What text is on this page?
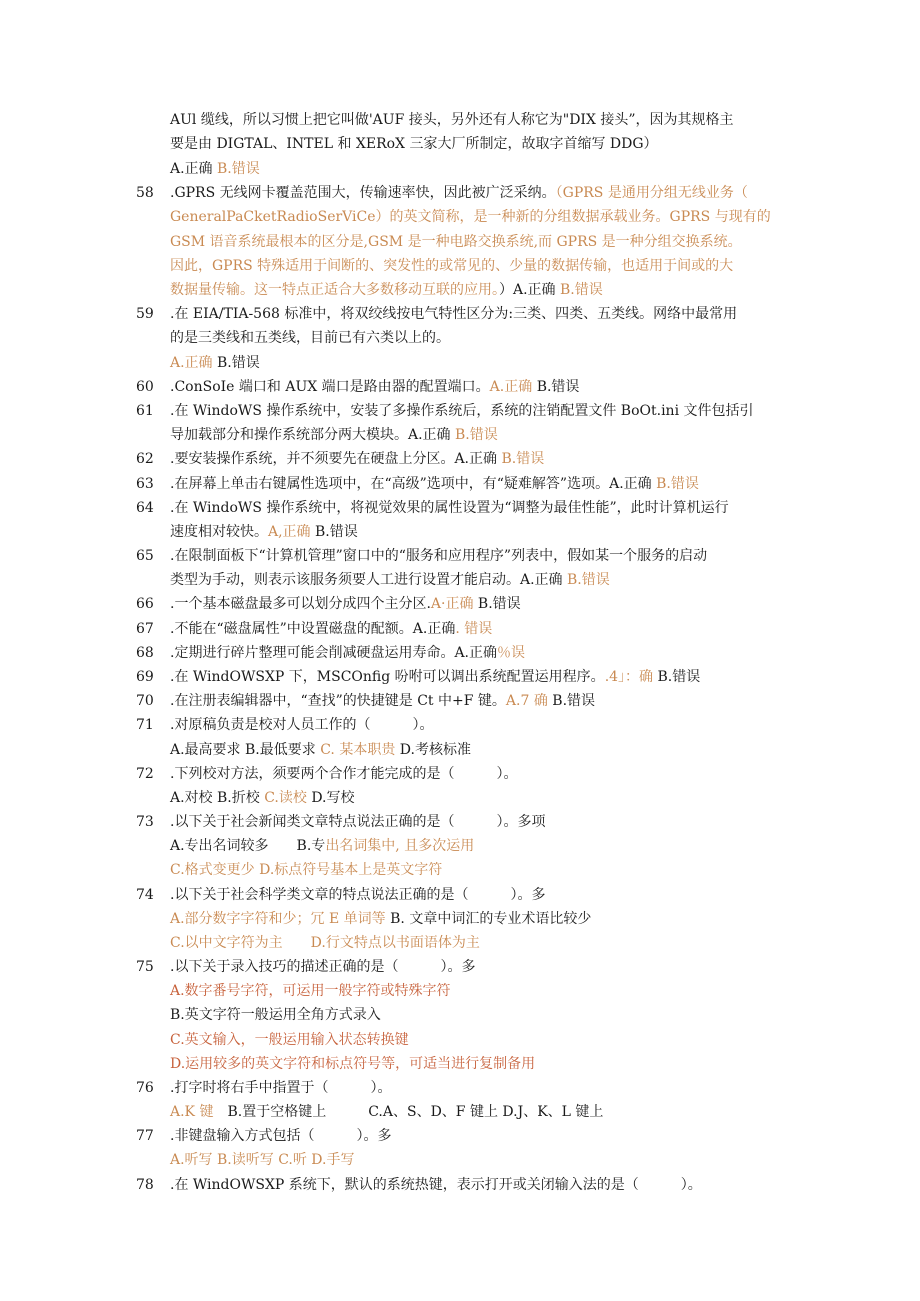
AUl 缆线，所以习惯上把它叫做'AUF 接头，另外还有人称它为"DIX 接头”，因为其规格主
要是由 DIGTAL、INTEL 和 XERoX 三家大厂所制定，故取字首缩写 DDG）
A.正确 B.错误
58	.GPRS 无线网卡覆盖范围大，传输速率快，因此被广泛采纳。（GPRS 是通用分组无线业务（
GeneralPaCketRadioSerViCe）的英文简称，是一种新的分组数据承载业务。GPRS 与现有的
GSM 语音系统最根本的区分是,GSM 是一种电路交换系统,而 GPRS 是一种分组交换系统。
因此，GPRS 特殊适用于间断的、突发性的或常见的、少量的数据传输，也适用于间或的大
数据量传输。这一特点正适合大多数移动互联的应用。）A.正确 B.错误
59	.在 EIA/TIA-568 标准中，将双绞线按电气特性区分为:三类、四类、五类线。网络中最常用
的是三类线和五类线，目前已有六类以上的。
A.正确 B.错误
60	.ConSoIe 端口和 AUX 端口是路由器的配置端口。A.正确 B.错误
61	.在 WindoWS 操作系统中，安装了多操作系统后，系统的注销配置文件 BoOt.ini 文件包括引
导加载部分和操作系统部分两大模块。A.正确 B.错误
62	.要安装操作系统，并不须要先在硬盘上分区。A.正确 B.错误
63	.在屏幕上单击右键属性选项中，在“高级”选项中，有“疑难解答”选项。A.正确 B.错误
64	.在 WindoWS 操作系统中，将视觉效果的属性设置为“调整为最佳性能”，此时计算机运行
速度相对较快。A,正确 B.错误
65	.在限制面板下“计算机管理”窗口中的“服务和应用程序”列表中，假如某一个服务的启动
类型为手动，则表示该服务须要人工进行设置才能启动。A.正确 B.错误
66	.一个基本磁盘最多可以划分成四个主分区.A·正确 B.错误
67	.不能在“磁盘属性”中设置磁盘的配额。A.正确. 错误
68	.定期进行碎片整理可能会削减硬盘运用寿命。A.正确％误
69	.在 WindOWSXP 下，MSCOnfig 吩咐可以调出系统配置运用程序。.4」：确 B.错误
70	.在注册表编辑器中，“查找”的快捷键是 Ct 中+F 键。A.7 确 B.错误
71	.对原稿负责是校对人员工作的（　　　）。
A.最高要求 B.最低要求 C. 某本职贵 D.考核标准
72	.下列校对方法，须要两个合作才能完成的是（　　　）。
A.对校 B.折校 C.读校 D.写校
73	.以下关于社会新闻类文章特点说法正确的是（　　　）。多项
A.专出名词较多　　B.专出名词集中, 且多次运用
C.格式变更少 D.标点符号基本上是英文字符
74	.以下关于社会科学类文章的特点说法正确的是（　　　）。多
A.部分数字字符和少；冗 E 单词等 B. 文章中词汇的专业术语比较少
C.以中文字符为主　　D.行文特点以书面语体为主
75	.以下关于录入技巧的描述正确的是（　　　）。多
A.数字番号字符，可运用一般字符或特殊字符
B.英文字符一般运用全角方式录入
C.英文输入，一般运用输入状态转换键
D.运用较多的英文字符和标点符号等，可适当进行复制备用
76	.打字时将右手中指置于（　　　）。
A.K 键　B.置于空格键上　　　C.A、S、D、F 键上 D.J、K、L 键上
77	.非键盘输入方式包括（　　　）。多
A.听写 B.读听写 C.听 D.手写
78	.在 WindOWSXP 系统下，默认的系统热键，表示打开或关闭输入法的是（　　　）。
